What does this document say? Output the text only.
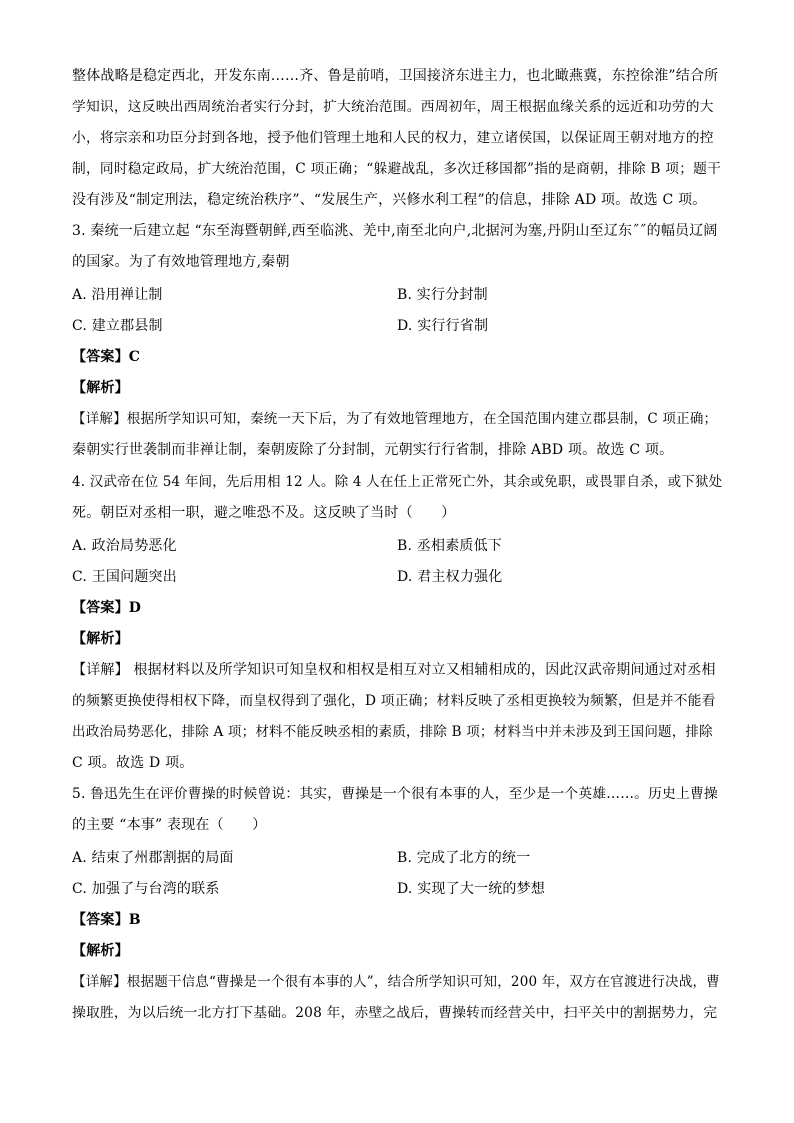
整体战略是稳定西北，开发东南……齐、鲁是前哨，卫国接济东进主力，也北瞰燕冀，东控徐淮”结合所
学知识，这反映出西周统治者实行分封，扩大统治范围。西周初年，周王根据血缘关系的远近和功劳的大
小，将宗亲和功臣分封到各地，授予他们管理土地和人民的权力，建立诸侯国，以保证周王朝对地方的控
制，同时稳定政局，扩大统治范围，C 项正确；“躲避战乱，多次迁移国都”指的是商朝，排除 B 项；题干
没有涉及“制定刑法，稳定统治秩序”、“发展生产，兴修水利工程”的信息，排除 AD 项。故选 C 项。
3. 秦统一后建立起 “东至海暨朝鲜,西至临洮、羌中,南至北向户,北据河为塞,丹阴山至辽东˝˝的幅员辽阔
的国家。为了有效地管理地方,秦朝
A. 沿用禅让制	B. 实行分封制
C. 建立郡县制	D. 实行行省制
【答案】C
【解析】
【详解】根据所学知识可知，秦统一天下后，为了有效地管理地方，在全国范围内建立郡县制，C 项正确；
秦朝实行世袭制而非禅让制，秦朝废除了分封制，元朝实行行省制，排除 ABD 项。故选 C 项。
4. 汉武帝在位 54 年间，先后用相 12 人。除 4 人在任上正常死亡外，其余或免职，或畏罪自杀，或下狱处
死。朝臣对丞相一职，避之唯恐不及。这反映了当时（　　）
A. 政治局势恶化	B. 丞相素质低下
C. 王国问题突出	D. 君主权力强化
【答案】D
【解析】
【详解】 根据材料以及所学知识可知皇权和相权是相互对立又相辅相成的，因此汉武帝期间通过对丞相
的频繁更换使得相权下降，而皇权得到了强化，D 项正确；材料反映了丞相更换较为频繁，但是并不能看
出政治局势恶化，排除 A 项；材料不能反映丞相的素质，排除 B 项；材料当中并未涉及到王国问题，排除
C 项。故选 D 项。
5. 鲁迅先生在评价曹操的时候曾说：其实，曹操是一个很有本事的人，至少是一个英雄……。历史上曹操
的主要 “本事” 表现在（　　）
A. 结束了州郡割据的局面	B. 完成了北方的统一
C. 加强了与台湾的联系	D. 实现了大一统的梦想
【答案】B
【解析】
【详解】根据题干信息“曹操是一个很有本事的人”，结合所学知识可知，200 年，双方在官渡进行决战，曹
操取胜，为以后统一北方打下基础。208 年，赤壁之战后，曹操转而经营关中，扫平关中的割据势力，完
